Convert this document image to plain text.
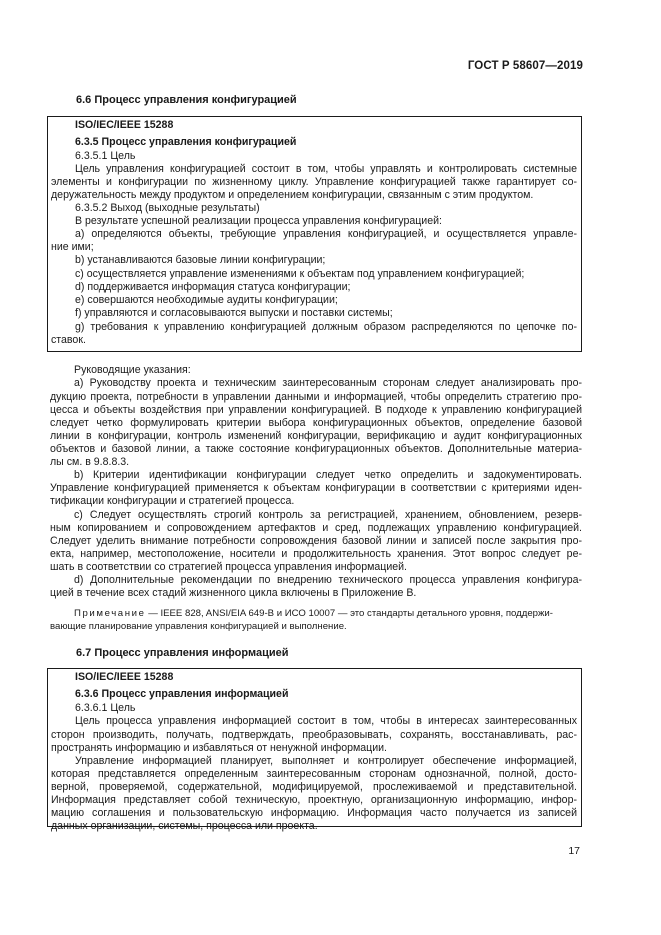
ГОСТ Р 58607—2019
6.6 Процесс управления конфигурацией
ISO/IEC/IEEE 15288
6.3.5 Процесс управления конфигурацией
6.3.5.1 Цель
Цель управления конфигурацией состоит в том, чтобы управлять и контролировать системные
элементы и конфигурации по жизненному циклу. Управление конфигурацией также гарантирует со-
деружательность между продуктом и определением конфигурации, связанным с этим продуктом.
6.3.5.2 Выход (выходные результаты)
В результате успешной реализации процесса управления конфигурацией:
а) определяются объекты, требующие управления конфигурацией, и осуществляется управле-
ние ими;
b) устанавливаются базовые линии конфигурации;
c) осуществляется управление изменениями к объектам под управлением конфигурацией;
d) поддерживается информация статуса конфигурации;
e) совершаются необходимые аудиты конфигурации;
f) управляются и согласовываются выпуски и поставки системы;
g) требования к управлению конфигурацией должным образом распределяются по цепочке по-
ставок.
Руководящие указания:
а) Руководству проекта и техническим заинтересованным сторонам следует анализировать про-
дукцию проекта, потребности в управлении данными и информацией, чтобы определить стратегию про-
цесса и объекты воздействия при управлении конфигурацией. В подходе к управлению конфигурацией
следует четко формулировать критерии выбора конфигурационных объектов, определение базовой
линии в конфигурации, контроль изменений конфигурации, верификацию и аудит конфигурационных
объектов и базовой линии, а также состояние конфигурационных объектов. Дополнительные материа-
лы см. в 9.8.8.3.
b) Критерии идентификации конфигурации следует четко определить и задокументировать.
Управление конфигурацией применяется к объектам конфигурации в соответствии с критериями иден-
тификации конфигурации и стратегией процесса.
c) Следует осуществлять строгий контроль за регистрацией, хранением, обновлением, резерв-
ным копированием и сопровождением артефактов и сред, подлежащих управлению конфигурацией.
Следует уделить внимание потребности сопровождения базовой линии и записей после закрытия про-
екта, например, местоположение, носители и продолжительность хранения. Этот вопрос следует ре-
шать в соответствии со стратегией процесса управления информацией.
d) Дополнительные рекомендации по внедрению технического процесса управления конфигура-
цией в течение всех стадий жизненного цикла включены в Приложение В.
Примечание — IEEE 828, ANSI/EIA 649-B и ИСО 10007 — это стандарты детального уровня, поддержи-
вающие планирование управления конфигурацией и выполнение.
6.7 Процесс управления информацией
ISO/IEC/IEEE 15288
6.3.6 Процесс управления информацией
6.3.6.1 Цель
Цель процесса управления информацией состоит в том, чтобы в интересах заинтересованных
сторон производить, получать, подтверждать, преобразовывать, сохранять, восстанавливать, рас-
пространять информацию и избавляться от ненужной информации.
Управление информацией планирует, выполняет и контролирует обеспечение информацией,
которая представляется определенным заинтересованным сторонам однозначной, полной, досто-
верной, проверяемой, содержательной, модифицируемой, прослеживаемой и представительной.
Информация представляет собой техническую, проектную, организационную информацию, инфор-
мацию соглашения и пользовательскую информацию. Информация часто получается из записей
данных организации, системы, процесса или проекта.
17
